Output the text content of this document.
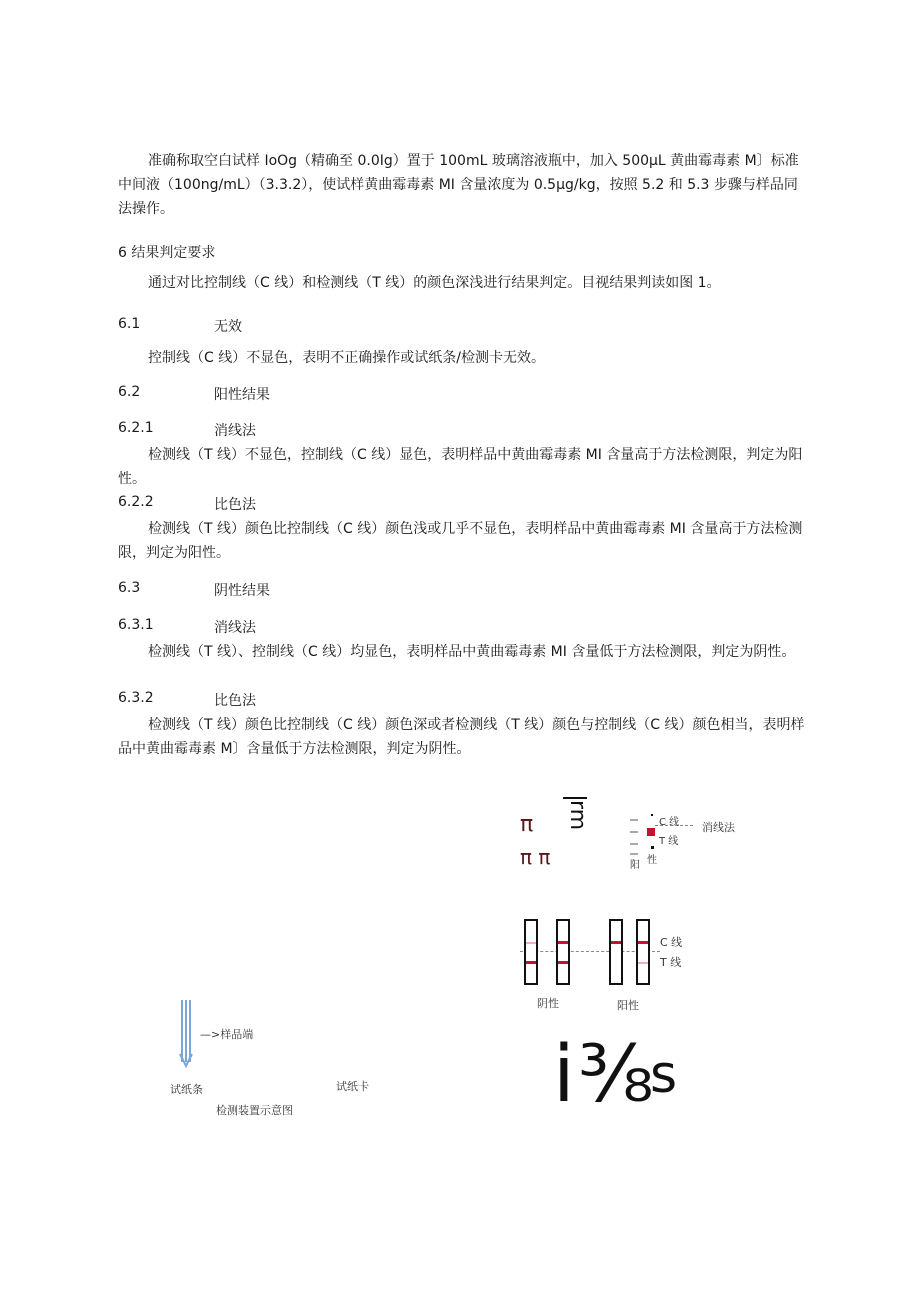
准确称取空白试样 IoOg（精确至 0.0Ig）置于 100mL 玻璃溶液瓶中，加入 500μL 黄曲霉毒素 M〕标准中间液（100ng/mL）（3.3.2），使试样黄曲霉毒素 MI 含量浓度为 0.5μg/kg，按照 5.2 和 5.3 步骤与样品同法操作。
6 结果判定要求
通过对比控制线（C 线）和检测线（T 线）的颜色深浅进行结果判定。目视结果判读如图 1。
6.1	无效
控制线（C 线）不显色，表明不正确操作或试纸条/检测卡无效。
6.2	阳性结果
6.2.1	消线法
检测线（T 线）不显色，控制线（C 线）显色，表明样品中黄曲霉毒素 MI 含量高于方法检测限，判定为阳性。
6.2.2	比色法
检测线（T 线）颜色比控制线（C 线）颜色浅或几乎不显色，表明样品中黄曲霉毒素 MI 含量高于方法检测限，判定为阳性。
6.3	阴性结果
6.3.1	消线法
检测线（T 线）、控制线（C 线）均显色，表明样品中黄曲霉毒素 MI 含量低于方法检测限，判定为阴性。
6.3.2	比色法
检测线（T 线）颜色比控制线（C 线）颜色深或者检测线（T 线）颜色与控制线（C 线）颜色相当，表明样品中黄曲霉毒素 M〕含量低于方法检测限，判定为阴性。
—>样品端
试纸条	试纸卡
检测装置示意图
rm
π
π π
C 线
T 线
消线法
阳 性
C 线
T 线
阴性	阳性
i ⅜
s
